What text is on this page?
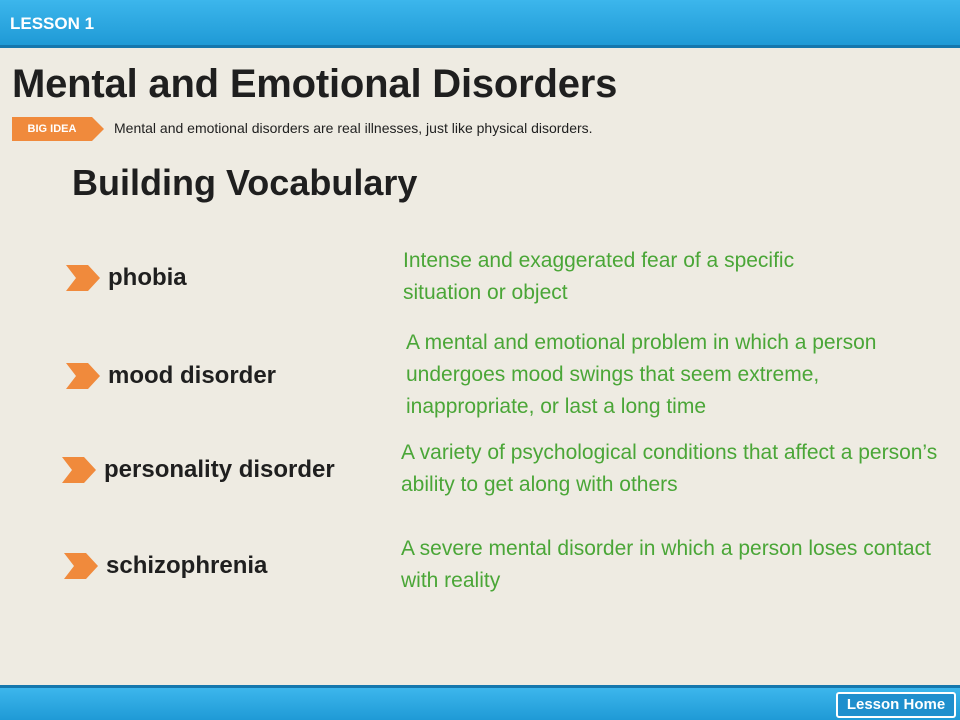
LESSON 1
Mental and Emotional Disorders
BIG IDEA	Mental and emotional disorders are real illnesses, just like physical disorders.
Building Vocabulary
phobia
Intense and exaggerated fear of a specific situation or object
mood disorder
A mental and emotional problem in which a person undergoes mood swings that seem extreme, inappropriate, or last a long time
personality disorder
A variety of psychological conditions that affect a person’s ability to get along with others
schizophrenia
A severe mental disorder in which a person loses contact with reality
Lesson Home
